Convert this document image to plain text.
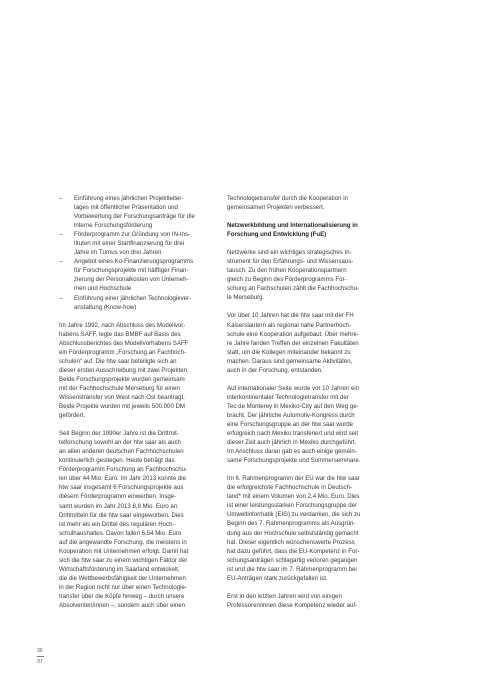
– Einführung eines jährlichen Projektleiter-
tages mit öffentlicher Präsentation und
Vorbewertung der Forschungsanträge für die
interne Forschungsförderung
– Förderprogramm zur Gründung von IN-Ins-
tituten mit einer Startfinanzierung für drei
Jahre im Turnus von drei Jahren
– Angebot eines Ko-Finanzierungsprogramms
für Forschungsprojekte mit hälftiger Finan-
zierung der Personalkosten von Unterneh-
men und Hochschule
– Einführung einer jährlichen Technologiever-
anstaltung (Know-how)
Im Jahre 1992, nach Abschluss des Modellvor-
habens SAFF, legte das BMBF auf Basis des
Abschlussberichtes des Modellvorhabens SAFF
ein Förderprogramm „Forschung an Fachhoch-
schulen“ auf. Die htw saar beteiligte sich an
dieser ersten Ausschreibung mit zwei Projekten.
Beide Forschungsprojekte wurden gemeinsam
mit der Fachhochschule Merseburg für einen
Wissenstransfer von West nach Ost beantragt.
Beide Projekte wurden mit jeweils 500.000 DM
gefördert.
Seit Beginn der 1990er Jahre ist die Drittmit-
telforschung sowohl an der htw saar als auch
an allen anderen deutschen Fachhochschulen
kontinuierlich gestiegen. Heute beträgt das
Förderprogramm Forschung an Fachhochschu-
len über 44 Mio. Euro. Im Jahr 2013 konnte die
htw saar insgesamt 6 Forschungsprojekte aus
diesem Förderprogramm einwerben. Insge-
samt wurden im Jahr 2013 8,8 Mio. Euro an
Drittmitteln für die htw saar eingeworben. Dies
ist mehr als ein Drittel des regulären Hoch-
schulhaushaltes. Davon fallen 6,54 Mio. Euro
auf die angewandte Forschung, die meistens in
Kooperation mit Unternehmen erfolgt. Damit hat
sich die htw saar zu einem wichtigen Faktor der
Wirtschaftsförderung im Saarland entwickelt,
die die Wettbewerbsfähigkeit der Unternehmen
in der Region nicht nur über einen Technologie-
transfer über die Köpfe hinweg – durch unsere
Absolventen/innen –, sondern auch über einen
Technologietransfer durch die Kooperation in
gemeinsamen Projekten verbessert.
Netzwerkbildung und Internationalisierung in
Forschung und Entwicklung (FuE)
Netzwerke sind ein wichtiges strategisches In-
strument für den Erfahrungs- und Wissensaus-
tausch. Zu den frühen Kooperationspartnern
gleich zu Beginn des Förderprogramms For-
schung an Fachschulen zählt die Fachhochschu-
le Merseburg.
Vor über 10 Jahren hat die htw saar mit der FH
Kaiserslautern als regional nahe Partnerhoch-
schule eine Kooperation aufgebaut. Über mehre-
re Jahre fanden Treffen der einzelnen Fakultäten
statt, um die Kollegen miteinander bekannt zu
machen. Daraus sind gemeinsame Aktivitäten,
auch in der Forschung, entstanden.
Auf internationaler Seite wurde vor 10 Jahren ein
interkontinentaler Technologietransfer mit der
Tec de Monterey in Mexiko-City auf den Weg ge-
bracht. Der jährliche Automotiv-Kongress durch
eine Forschungsgruppe an der htw saar wurde
erfolgreich nach Mexiko transferiert und wird seit
dieser Zeit auch jährlich in Mexiko durchgeführt.
Im Anschluss daran gab es auch einige gemein-
same Forschungsprojekte und Sommerseminare.
Im 6. Rahmenprogramm der EU war die htw saar
die erfolgreichste Fachhochschule in Deutsch-
land* mit einem Volumen von 2,4 Mio. Euro. Dies
ist einer leistungsstarken Forschungsgruppe der
Umweltinformatik (EIG) zu verdanken, die sich zu
Beginn des 7. Rahmenprogramms als Ausgrün-
dung aus der Hochschule selbstständig gemacht
hat. Dieser eigentlich wünschenswerte Prozess
hat dazu geführt, dass die EU-Kompetenz in For-
schungsanträgen schlagartig verloren gegangen
ist und die htw saar im 7. Rahmenprogramm bei
EU-Anträgen stark zurückgefallen ist.
Erst in den letzten Jahren wird von einigen
Professoren/innen diese Kompetenz wieder auf-
36
37
